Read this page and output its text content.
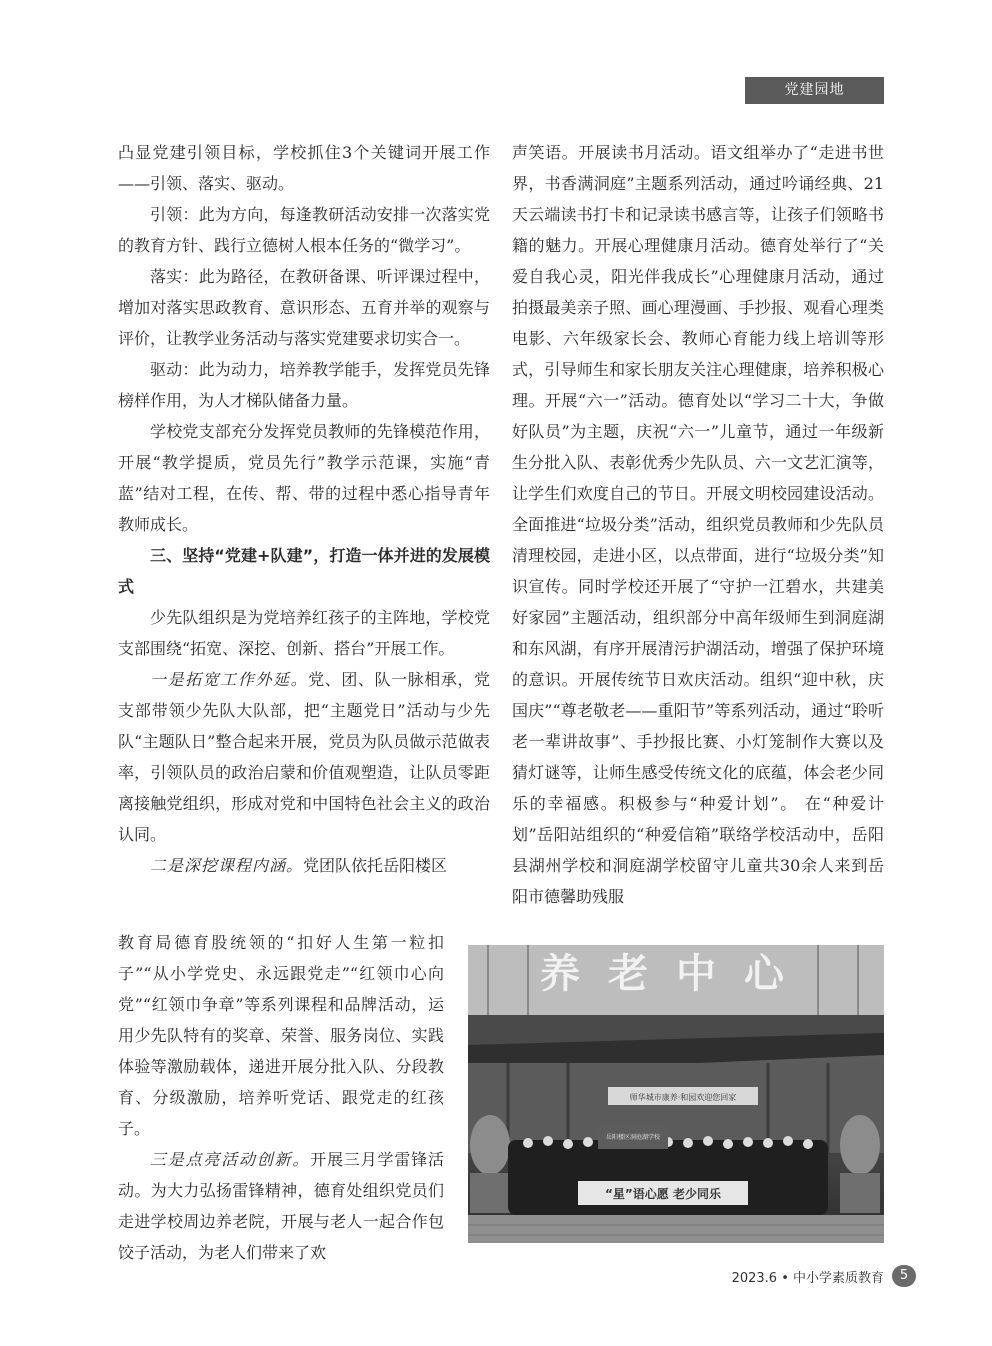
党建园地

凸显党建引领目标，学校抓住3个关键词开展工作——引领、落实、驱动。

引领：此为方向，每逢教研活动安排一次落实党的教育方针、践行立德树人根本任务的“微学习”。

落实：此为路径，在教研备课、听评课过程中，增加对落实思政教育、意识形态、五育并举的观察与评价，让教学业务活动与落实党建要求切实合一。

驱动：此为动力，培养教学能手，发挥党员先锋榜样作用，为人才梯队储备力量。

学校党支部充分发挥党员教师的先锋模范作用，开展“教学提质，党员先行”教学示范课，实施“青蓝”结对工程，在传、帮、带的过程中悉心指导青年教师成长。

三、坚持“党建+队建”，打造一体并进的发展模式

少先队组织是为党培养红孩子的主阵地，学校党支部围绕“拓宽、深挖、创新、搭台”开展工作。

一是拓宽工作外延。党、团、队一脉相承，党支部带领少先队大队部，把“主题党日”活动与少先队“主题队日”整合起来开展，党员为队员做示范做表率，引领队员的政治启蒙和价值观塑造，让队员零距离接触党组织，形成对党和中国特色社会主义的政治认同。

二是深挖课程内涵。党团队依托岳阳楼区

教育局德育股统领的“扣好人生第一粒扣子”“从小学党史、永远跟党走”“红领巾心向党”“红领巾争章”等系列课程和品牌活动，运用少先队特有的奖章、荣誉、服务岗位、实践体验等激励载体，递进开展分批入队、分段教育、分级激励，培养听党话、跟党走的红孩子。

三是点亮活动创新。开展三月学雷锋活动。为大力弘扬雷锋精神，德育处组织党员们走进学校周边养老院，开展与老人一起合作包饺子活动，为老人们带来了欢

声笑语。开展读书月活动。语文组举办了“走进书世界，书香满洞庭”主题系列活动，通过吟诵经典、21天云端读书打卡和记录读书感言等，让孩子们领略书籍的魅力。开展心理健康月活动。德育处举行了“关爱自我心灵，阳光伴我成长”心理健康月活动，通过拍摄最美亲子照、画心理漫画、手抄报、观看心理类电影、六年级家长会、教师心育能力线上培训等形式，引导师生和家长朋友关注心理健康，培养积极心理。开展“六一”活动。德育处以“学习二十大，争做好队员”为主题，庆祝“六一”儿童节，通过一年级新生分批入队、表彰优秀少先队员、六一文艺汇演等，让学生们欢度自己的节日。开展文明校园建设活动。全面推进“垃圾分类”活动，组织党员教师和少先队员清理校园，走进小区，以点带面，进行“垃圾分类”知识宣传。同时学校还开展了“守护一江碧水，共建美好家园”主题活动，组织部分中高年级师生到洞庭湖和东风湖，有序开展清污护湖活动，增强了保护环境的意识。开展传统节日欢庆活动。组织“迎中秋，庆国庆”“尊老敬老——重阳节”等系列活动，通过“聆听老一辈讲故事”、手抄报比赛、小灯笼制作大赛以及猜灯谜等，让师生感受传统文化的底蕴，体会老少同乐的幸福感。积极参与“种爱计划”。 在“种爱计划”岳阳站组织的“种爱信箱”联络学校活动中，岳阳县湖州学校和洞庭湖学校留守儿童共30余人来到岳阳市德馨助残服

养老中心
师华城市康养·和园欢迎您回家
岳阳楼区洞庭湖学校
“星”语心愿 老少同乐
2023.6 • 中小学素质教育	5
